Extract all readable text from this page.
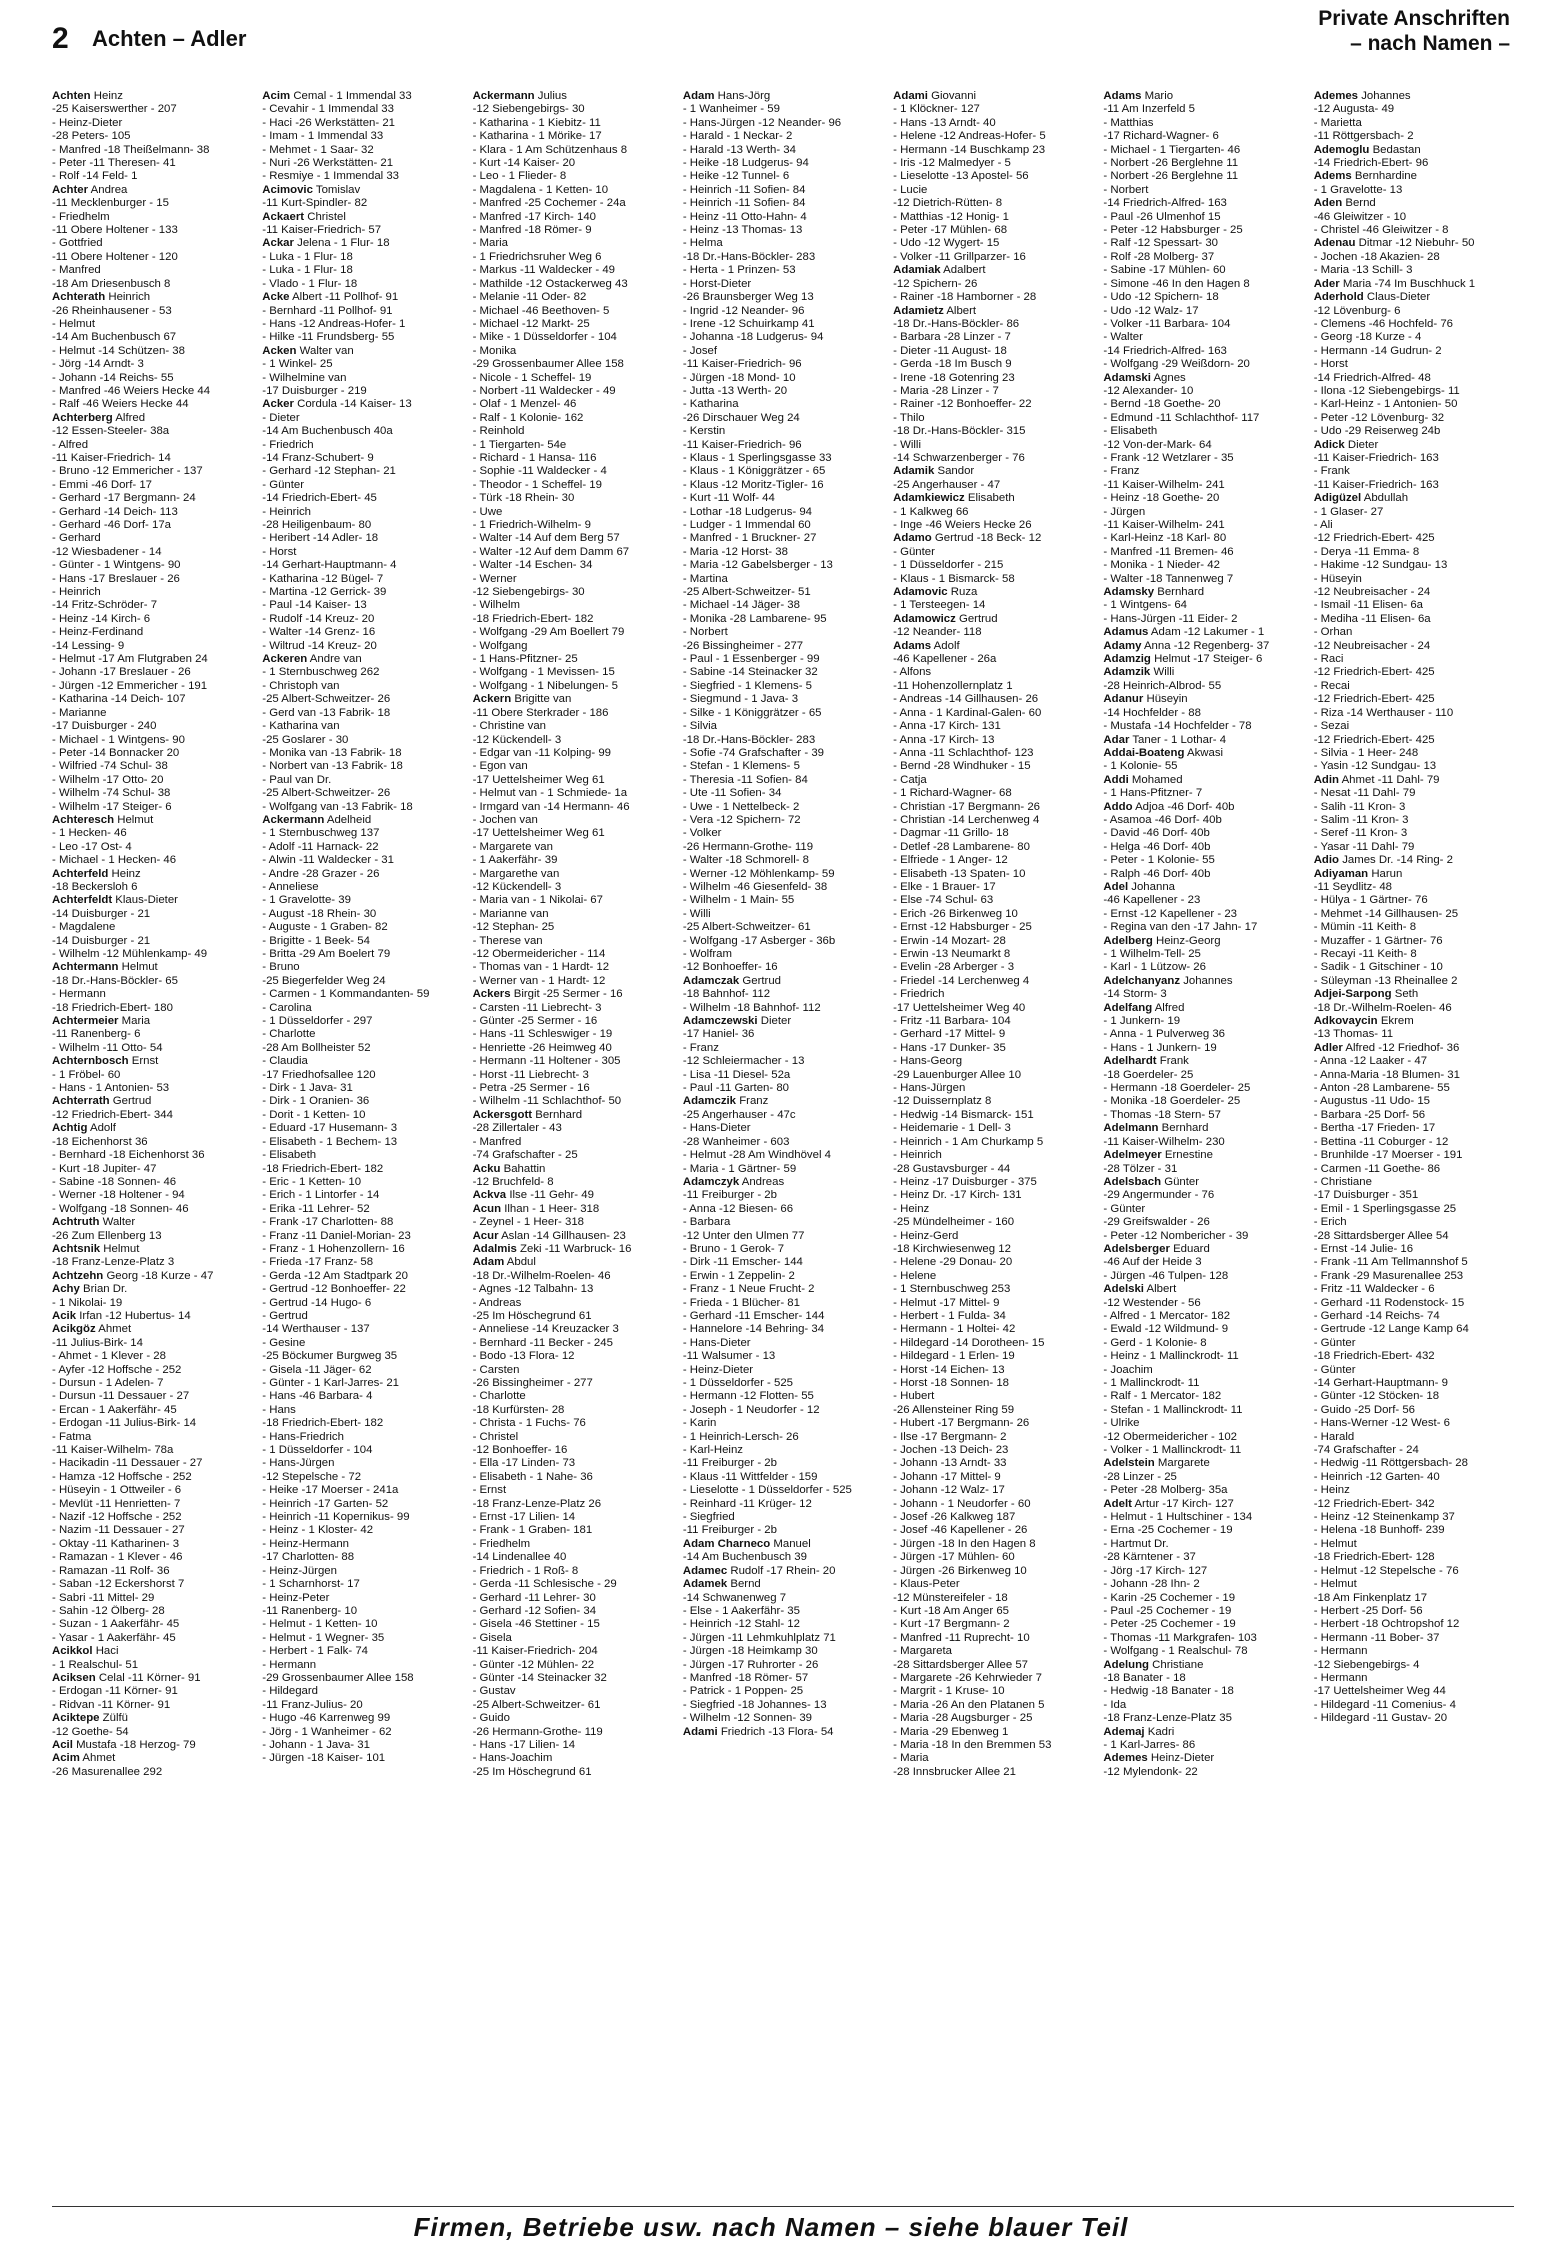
2 Achten – Adler
Private Anschriften
– nach Namen –
Achten Heinz
-25 Kaiserswerther - 207
- Heinz-Dieter
-28 Peters- 105
- Manfred -18 Theißelmann- 38
- Peter -11 Theresen- 41
- Rolf -14 Feld- 1
Achter Andrea
-11 Mecklenburger - 15
- Friedhelm
-11 Obere Holtener - 133
- Gottfried
-11 Obere Holtener - 120
- Manfred
-18 Am Driesenbusch 8
Achterath Heinrich
-26 Rheinhausener - 53
- Helmut
-14 Am Buchenbusch 67
- Helmut -14 Schützen- 38
- Jörg -14 Arndt- 3
- Johann -14 Reichs- 55
- Manfred -46 Weiers Hecke 44
- Ralf -46 Weiers Hecke 44
Achterberg Alfred
-12 Essen-Steeler- 38a
- Alfred
-11 Kaiser-Friedrich- 14
- Bruno -12 Emmericher - 137
- Emmi -46 Dorf- 17
- Gerhard -17 Bergmann- 24
- Gerhard -14 Deich- 113
- Gerhard -46 Dorf- 17a
- Gerhard
-12 Wiesbadener - 14
- Günter - 1 Wintgens- 90
- Hans -17 Breslauer - 26
- Heinrich
-14 Fritz-Schröder- 7
- Heinz -14 Kirch- 6
- Heinz-Ferdinand
-14 Lessing- 9
- Helmut -17 Am Flutgraben 24
- Johann -17 Breslauer - 26
- Jürgen -12 Emmericher - 191
- Katharina -14 Deich- 107
- Marianne
-17 Duisburger - 240
- Michael - 1 Wintgens- 90
- Peter -14 Bonnacker 20
- Wilfried -74 Schul- 38
- Wilhelm -17 Otto- 20
- Wilhelm -74 Schul- 38
- Wilhelm -17 Steiger- 6
Achteresch Helmut
- 1 Hecken- 46
- Leo -17 Ost- 4
- Michael - 1 Hecken- 46
Achterfeld Heinz
-18 Beckersloh 6
Achterfeldt Klaus-Dieter
-14 Duisburger - 21
- Magdalene
-14 Duisburger - 21
- Wilhelm -12 Mühlenkamp- 49
Achtermann Helmut
-18 Dr.-Hans-Böckler- 65
- Hermann
-18 Friedrich-Ebert- 180
Achtermeier Maria
-11 Ranenberg- 6
- Wilhelm -11 Otto- 54
Achternbosch Ernst
- 1 Fröbel- 60
- Hans - 1 Antonien- 53
Achterrath Gertrud
-12 Friedrich-Ebert- 344
Achtig Adolf
-18 Eichenhorst 36
- Bernhard -18 Eichenhorst 36
- Kurt -18 Jupiter- 47
- Sabine -18 Sonnen- 46
- Werner -18 Holtener - 94
- Wolfgang -18 Sonnen- 46
Achtruth Walter
-26 Zum Ellenberg 13
Achtsnik Helmut
-18 Franz-Lenze-Platz 3
Achtzehn Georg -18 Kurze - 47
Achy Brian Dr.
- 1 Nikolai- 19
Acik Irfan -12 Hubertus- 14
Acikgöz Ahmet
-11 Julius-Birk- 14
- Ahmet - 1 Klever - 28
- Ayfer -12 Hoffsche - 252
- Dursun - 1 Adelen- 7
- Dursun -11 Dessauer - 27
- Ercan - 1 Aakerfähr- 45
- Erdogan -11 Julius-Birk- 14
- Fatma
-11 Kaiser-Wilhelm- 78a
- Hacikadin -11 Dessauer - 27
- Hamza -12 Hoffsche - 252
- Hüseyin - 1 Ottweiler - 6
- Mevlüt -11 Henrietten- 7
- Nazif -12 Hoffsche - 252
- Nazim -11 Dessauer - 27
- Oktay -11 Katharinen- 3
- Ramazan - 1 Klever - 46
- Ramazan -11 Rolf- 36
- Saban -12 Eckershorst 7
- Sabri -11 Mittel- 29
- Sahin -12 Ölberg- 28
- Suzan - 1 Aakerfähr- 45
- Yasar - 1 Aakerfähr- 45
Acikkol Haci
- 1 Realschul- 51
Aciksen Celal -11 Körner- 91
- Erdogan -11 Körner- 91
- Ridvan -11 Körner- 91
Aciktepe Zülfü
-12 Goethe- 54
Acil Mustafa -18 Herzog- 79
Acim Ahmet
-26 Masurenallee 292
Acim Cemal - 1 Immendal 33
- Cevahir - 1 Immendal 33
- Haci -26 Werkstätten- 21
- Imam - 1 Immendal 33
- Mehmet - 1 Saar- 32
- Nuri -26 Werkstätten- 21
- Resmiye - 1 Immendal 33
Acimovic Tomislav
-11 Kurt-Spindler- 82
Ackaert Christel
-11 Kaiser-Friedrich- 57
Ackar Jelena - 1 Flur- 18
- Luka - 1 Flur- 18
- Luka - 1 Flur- 18
- Vlado - 1 Flur- 18
Acke Albert -11 Pollhof- 91
- Bernhard -11 Pollhof- 91
- Hans -12 Andreas-Hofer- 1
- Hilke -11 Frundsberg- 55
Acken Walter van
- 1 Winkel- 25
- Wilhelmine van
-17 Duisburger - 219
Acker Cordula -14 Kaiser- 13
- Dieter
-14 Am Buchenbusch 40a
- Friedrich
-14 Franz-Schubert- 9
- Gerhard -12 Stephan- 21
- Günter
-14 Friedrich-Ebert- 45
- Heinrich
-28 Heiligenbaum- 80
- Heribert -14 Adler- 18
- Horst
-14 Gerhart-Hauptmann- 4
- Katharina -12 Bügel- 7
- Martina -12 Gerrick- 39
- Paul -14 Kaiser- 13
- Rudolf -14 Kreuz- 20
- Walter -14 Grenz- 16
- Wiltrud -14 Kreuz- 20
Ackeren Andre van
- 1 Sternbuschweg 262
- Christoph van
-25 Albert-Schweitzer- 26
- Gerd van -13 Fabrik- 18
- Katharina van
-25 Goslarer - 30
- Monika van -13 Fabrik- 18
- Norbert van -13 Fabrik- 18
- Paul van Dr.
-25 Albert-Schweitzer- 26
- Wolfgang van -13 Fabrik- 18
Ackermann Adelheid
- 1 Sternbuschweg 137
- Adolf -11 Harnack- 22
- Alwin -11 Waldecker - 31
- Andre -28 Grazer - 26
- Anneliese
- 1 Gravelotte- 39
- August -18 Rhein- 30
- Auguste - 1 Graben- 82
- Brigitte - 1 Beek- 54
- Britta -29 Am Boelert 79
- Bruno
-25 Biegerfelder Weg 24
- Carmen - 1 Kommandanten- 59
- Carolina
- 1 Düsseldorfer - 297
- Charlotte
-28 Am Bollheister 52
- Claudia
-17 Friedhofsallee 120
- Dirk - 1 Java- 31
- Dirk - 1 Oranien- 36
- Dorit - 1 Ketten- 10
- Eduard -17 Husemann- 3
- Elisabeth - 1 Bechem- 13
- Elisabeth
-18 Friedrich-Ebert- 182
- Eric - 1 Ketten- 10
- Erich - 1 Lintorfer - 14
- Erika -11 Lehrer- 52
- Frank -17 Charlotten- 88
- Franz -11 Daniel-Morian- 23
- Franz - 1 Hohenzollern- 16
- Frieda -17 Franz- 58
- Gerda -12 Am Stadtpark 20
- Gertrud -12 Bonhoeffer- 22
- Gertrud -14 Hugo- 6
- Gertrud
-14 Werthauser - 137
- Gesine
-25 Böckumer Burgweg 35
- Gisela -11 Jäger- 62
- Günter - 1 Karl-Jarres- 21
- Hans -46 Barbara- 4
- Hans
-18 Friedrich-Ebert- 182
- Hans-Friedrich
- 1 Düsseldorfer - 104
- Hans-Jürgen
-12 Stepelsche - 72
- Heike -17 Moerser - 241a
- Heinrich -17 Garten- 52
- Heinrich -11 Kopernikus- 99
- Heinz - 1 Kloster- 42
- Heinz-Hermann
-17 Charlotten- 88
- Heinz-Jürgen
- 1 Scharnhorst- 17
- Heinz-Peter
-11 Ranenberg- 10
- Helmut - 1 Ketten- 10
- Helmut - 1 Wegner- 35
- Herbert - 1 Falk- 74
- Hermann
-29 Grossenbaumer Allee 158
- Hildegard
-11 Franz-Julius- 20
- Hugo -46 Karrenweg 99
- Jörg - 1 Wanheimer - 62
- Johann - 1 Java- 31
- Jürgen -18 Kaiser- 101
Ackermann Julius
-12 Siebengebirgs- 30
- Katharina - 1 Kiebitz- 11
- Katharina - 1 Mörike- 17
- Klara - 1 Am Schützenhaus 8
- Kurt -14 Kaiser- 20
- Leo - 1 Flieder- 8
- Magdalena - 1 Ketten- 10
- Manfred -25 Cochemer - 24a
- Manfred -17 Kirch- 140
- Manfred -18 Römer- 9
- Maria
- 1 Friedrichsruher Weg 6
- Markus -11 Waldecker - 49
- Mathilde -12 Ostackerweg 43
- Melanie -11 Oder- 82
- Michael -46 Beethoven- 5
- Michael -12 Markt- 25
- Mike - 1 Düsseldorfer - 104
- Monika
-29 Grossenbaumer Allee 158
- Nicole - 1 Scheffel- 19
- Norbert -11 Waldecker - 49
- Olaf - 1 Menzel- 46
- Ralf - 1 Kolonie- 162
- Reinhold
- 1 Tiergarten- 54e
- Richard - 1 Hansa- 116
- Sophie -11 Waldecker - 4
- Theodor - 1 Scheffel- 19
- Türk -18 Rhein- 30
- Uwe
- 1 Friedrich-Wilhelm- 9
- Walter -14 Auf dem Berg 57
- Walter -12 Auf dem Damm 67
- Walter -14 Eschen- 34
- Werner
-12 Siebengebirgs- 30
- Wilhelm
-18 Friedrich-Ebert- 182
- Wolfgang -29 Am Boellert 79
- Wolfgang
- 1 Hans-Pfitzner- 25
- Wolfgang - 1 Mevissen- 15
- Wolfgang - 1 Nibelungen- 5
Ackern Brigitte van
-11 Obere Sterkrader - 186
- Christine van
-12 Kückendell- 3
- Edgar van -11 Kolping- 99
- Egon van
-17 Uettelsheimer Weg 61
- Helmut van - 1 Schmiede- 1a
- Irmgard van -14 Hermann- 46
- Jochen van
-17 Uettelsheimer Weg 61
- Margarete van
- 1 Aakerfähr- 39
- Margarethe van
-12 Kückendell- 3
- Maria van - 1 Nikolai- 67
- Marianne van
-12 Stephan- 25
- Therese van
-12 Obermeidericher - 114
- Thomas van - 1 Hardt- 12
- Werner van - 1 Hardt- 12
Ackers Birgit -25 Sermer - 16
- Carsten -11 Liebrecht- 3
- Günter -25 Sermer - 16
- Hans -11 Schleswiger - 19
- Henriette -26 Heimweg 40
- Hermann -11 Holtener - 305
- Horst -11 Liebrecht- 3
- Petra -25 Sermer - 16
- Wilhelm -11 Schlachthof- 50
Ackersgott Bernhard
-28 Zillertaler - 43
- Manfred
-74 Grafschafter - 25
Acku Bahattin
-12 Bruchfeld- 8
Ackva Ilse -11 Gehr- 49
Acun Ilhan - 1 Heer- 318
- Zeynel - 1 Heer- 318
Acur Aslan -14 Gillhausen- 23
Adalmis Zeki -11 Warbruck- 16
Adam Abdul
-18 Dr.-Wilhelm-Roelen- 46
- Agnes -12 Talbahn- 13
- Andreas
-25 Im Höschegrund 61
- Anneliese -14 Kreuzacker 3
- Bernhard -11 Becker - 245
- Bodo -13 Flora- 12
- Carsten
-26 Bissingheimer - 277
- Charlotte
-18 Kurfürsten- 28
- Christa - 1 Fuchs- 76
- Christel
-12 Bonhoeffer- 16
- Ella -17 Linden- 73
- Elisabeth - 1 Nahe- 36
- Ernst
-18 Franz-Lenze-Platz 26
- Ernst -17 Lilien- 14
- Frank - 1 Graben- 181
- Friedhelm
-14 Lindenallee 40
- Friedrich - 1 Roß- 8
- Gerda -11 Schlesische - 29
- Gerhard -11 Lehrer- 30
- Gerhard -12 Sofien- 34
- Gisela -46 Stettiner - 15
- Gisela
-11 Kaiser-Friedrich- 204
- Günter -12 Mühlen- 22
- Günter -14 Steinacker 32
- Gustav
-25 Albert-Schweitzer- 61
- Guido
-26 Hermann-Grothe- 119
- Hans -17 Lilien- 14
- Hans-Joachim
-25 Im Höschegrund 61
Adam Hans-Jörg
- 1 Wanheimer - 59
- Hans-Jürgen -12 Neander- 96
- Harald - 1 Neckar- 2
- Harald -13 Werth- 34
- Heike -18 Ludgerus- 94
- Heike -12 Tunnel- 6
- Heinrich -11 Sofien- 84
- Heinrich -11 Sofien- 84
- Heinz -11 Otto-Hahn- 4
- Heinz -13 Thomas- 13
- Helma
-18 Dr.-Hans-Böckler- 283
- Herta - 1 Prinzen- 53
- Horst-Dieter
-26 Braunsberger Weg 13
- Ingrid -12 Neander- 96
- Irene -12 Schuirkamp 41
- Johanna -18 Ludgerus- 94
- Josef
-11 Kaiser-Friedrich- 96
- Jürgen -18 Mond- 10
- Jutta -13 Werth- 20
- Katharina
-26 Dirschauer Weg 24
- Kerstin
-11 Kaiser-Friedrich- 96
- Klaus - 1 Sperlingsgasse 33
- Klaus - 1 Königgrätzer - 65
- Klaus -12 Moritz-Tigler- 16
- Kurt -11 Wolf- 44
- Lothar -18 Ludgerus- 94
- Ludger - 1 Immendal 60
- Manfred - 1 Bruckner- 27
- Maria -12 Horst- 38
- Maria -12 Gabelsberger - 13
- Martina
-25 Albert-Schweitzer- 51
- Michael -14 Jäger- 38
- Monika -28 Lambarene- 95
- Norbert
-26 Bissingheimer - 277
- Paul - 1 Essenberger - 99
- Sabine -14 Steinacker 32
- Siegfried - 1 Klemens- 5
- Siegmund - 1 Java- 3
- Silke - 1 Königgrätzer - 65
- Silvia
-18 Dr.-Hans-Böckler- 283
- Sofie -74 Grafschafter - 39
- Stefan - 1 Klemens- 5
- Theresia -11 Sofien- 84
- Ute -11 Sofien- 34
- Uwe - 1 Nettelbeck- 2
- Vera -12 Spichern- 72
- Volker
-26 Hermann-Grothe- 119
- Walter -18 Schmorell- 8
- Werner -12 Möhlenkamp- 59
- Wilhelm -46 Giesenfeld- 38
- Wilhelm - 1 Main- 55
- Willi
-25 Albert-Schweitzer- 61
- Wolfgang -17 Asberger - 36b
- Wolfram
-12 Bonhoeffer- 16
Adamczak Gertrud
-18 Bahnhof- 112
- Wilhelm -18 Bahnhof- 112
Adamczewski Dieter
-17 Haniel- 36
- Franz
-12 Schleiermacher - 13
- Lisa -11 Diesel- 52a
- Paul -11 Garten- 80
Adamczik Franz
-25 Angerhauser - 47c
- Hans-Dieter
-28 Wanheimer - 603
- Helmut -28 Am Windhövel 4
- Maria - 1 Gärtner- 59
Adamczyk Andreas
-11 Freiburger - 2b
- Anna -12 Biesen- 66
- Barbara
-12 Unter den Ulmen 77
- Bruno - 1 Gerok- 7
- Dirk -11 Emscher- 144
- Erwin - 1 Zeppelin- 2
- Franz - 1 Neue Frucht- 2
- Frieda - 1 Blücher- 81
- Gerhard -11 Emscher- 144
- Hannelore -14 Behring- 34
- Hans-Dieter
-11 Walsumer - 13
- Heinz-Dieter
- 1 Düsseldorfer - 525
- Hermann -12 Flotten- 55
- Joseph - 1 Neudorfer - 12
- Karin
- 1 Heinrich-Lersch- 26
- Karl-Heinz
-11 Freiburger - 2b
- Klaus -11 Wittfelder - 159
- Lieselotte - 1 Düsseldorfer - 525
- Reinhard -11 Krüger- 12
- Siegfried
-11 Freiburger - 2b
Adam Charneco Manuel
-14 Am Buchenbusch 39
Adamec Rudolf -17 Rhein- 20
Adamek Bernd
-14 Schwanenweg 7
- Else - 1 Aakerfähr- 35
- Heinrich -12 Stahl- 12
- Jürgen -11 Lehmkuhlplatz 71
- Jürgen -18 Heimkamp 30
- Jürgen -17 Ruhrorter - 26
- Manfred -18 Römer- 57
- Patrick - 1 Poppen- 25
- Siegfried -18 Johannes- 13
- Wilhelm -12 Sonnen- 39
Adami Friedrich -13 Flora- 54
Adami Giovanni
- 1 Klöckner- 127
- Hans -13 Arndt- 40
- Helene -12 Andreas-Hofer- 5
- Hermann -14 Buschkamp 23
- Iris -12 Malmedyer - 5
- Lieselotte -13 Apostel- 56
- Lucie
-12 Dietrich-Rütten- 8
- Matthias -12 Honig- 1
- Peter -17 Mühlen- 68
- Udo -12 Wygert- 15
- Volker -11 Grillparzer- 16
Adamiak Adalbert
-12 Spichern- 26
- Rainer -18 Hamborner - 28
Adamietz Albert
-18 Dr.-Hans-Böckler- 86
- Barbara -28 Linzer - 7
- Dieter -11 August- 18
- Gerda -18 Im Busch 9
- Irene -18 Gotenring 23
- Maria -28 Linzer - 7
- Rainer -12 Bonhoeffer- 22
- Thilo
-18 Dr.-Hans-Böckler- 315
- Willi
-14 Schwarzenberger - 76
Adamik Sandor
-25 Angerhauser - 47
Adamkiewicz Elisabeth
- 1 Kalkweg 66
- Inge -46 Weiers Hecke 26
Adamo Gertrud -18 Beck- 12
- Günter
- 1 Düsseldorfer - 215
- Klaus - 1 Bismarck- 58
Adamovic Ruza
- 1 Tersteegen- 14
Adamowicz Gertrud
-12 Neander- 118
Adams Adolf
-46 Kapellener - 26a
- Alfons
-11 Hohenzollernplatz 1
- Andreas -14 Gillhausen- 26
- Anna - 1 Kardinal-Galen- 60
- Anna -17 Kirch- 131
- Anna -17 Kirch- 13
- Anna -11 Schlachthof- 123
- Bernd -28 Windhuker - 15
- Catja
- 1 Richard-Wagner- 68
- Christian -17 Bergmann- 26
- Christian -14 Lerchenweg 4
- Dagmar -11 Grillo- 18
- Detlef -28 Lambarene- 80
- Elfriede - 1 Anger- 12
- Elisabeth -13 Spaten- 10
- Elke - 1 Brauer- 17
- Else -74 Schul- 63
- Erich -26 Birkenweg 10
- Ernst -12 Habsburger - 25
- Erwin -14 Mozart- 28
- Erwin -13 Neumarkt 8
- Evelin -28 Arberger - 3
- Friedel -14 Lerchenweg 4
- Friedrich
-17 Uettelsheimer Weg 40
- Fritz -11 Barbara- 104
- Gerhard -17 Mittel- 9
- Hans -17 Dunker- 35
- Hans-Georg
-29 Lauenburger Allee 10
- Hans-Jürgen
-12 Duissernplatz 8
- Hedwig -14 Bismarck- 151
- Heidemarie - 1 Dell- 3
- Heinrich - 1 Am Churkamp 5
- Heinrich
-28 Gustavsburger - 44
- Heinz -17 Duisburger - 375
- Heinz Dr. -17 Kirch- 131
- Heinz
-25 Mündelheimer - 160
- Heinz-Gerd
-18 Kirchwiesenweg 12
- Helene -29 Donau- 20
- Helene
- 1 Sternbuschweg 253
- Helmut -17 Mittel- 9
- Herbert - 1 Fulda- 34
- Hermann - 1 Holtei- 42
- Hildegard -14 Dorotheen- 15
- Hildegard - 1 Erlen- 19
- Horst -14 Eichen- 13
- Horst -18 Sonnen- 18
- Hubert
-26 Allensteiner Ring 59
- Hubert -17 Bergmann- 26
- Ilse -17 Bergmann- 2
- Jochen -13 Deich- 23
- Johann -13 Arndt- 33
- Johann -17 Mittel- 9
- Johann -12 Walz- 17
- Johann - 1 Neudorfer - 60
- Josef -26 Kalkweg 187
- Josef -46 Kapellener - 26
- Jürgen -18 In den Hagen 8
- Jürgen -17 Mühlen- 60
- Jürgen -26 Birkenweg 10
- Klaus-Peter
-12 Münstereifeler - 18
- Kurt -18 Am Anger 65
- Kurt -17 Bergmann- 2
- Manfred -11 Ruprecht- 10
- Margareta
-28 Sittardsberger Allee 57
- Margarete -26 Kehrwieder 7
- Margrit - 1 Kruse- 10
- Maria -26 An den Platanen 5
- Maria -28 Augsburger - 25
- Maria -29 Ebenweg 1
- Maria -18 In den Bremmen 53
- Maria
-28 Innsbrucker Allee 21
Adams Mario
-11 Am Inzerfeld 5
- Matthias
-17 Richard-Wagner- 6
- Michael - 1 Tiergarten- 46
- Norbert -26 Berglehne 11
- Norbert -26 Berglehne 11
- Norbert
-14 Friedrich-Alfred- 163
- Paul -26 Ulmenhof 15
- Peter -12 Habsburger - 25
- Ralf -12 Spessart- 30
- Rolf -28 Molberg- 37
- Sabine -17 Mühlen- 60
- Simone -46 In den Hagen 8
- Udo -12 Spichern- 18
- Udo -12 Walz- 17
- Volker -11 Barbara- 104
- Walter
-14 Friedrich-Alfred- 163
- Wolfgang -29 Weißdorn- 20
Adamski Agnes
-12 Alexander- 10
- Bernd -18 Goethe- 20
- Edmund -11 Schlachthof- 117
- Elisabeth
-12 Von-der-Mark- 64
- Frank -12 Wetzlarer - 35
- Franz
-11 Kaiser-Wilhelm- 241
- Heinz -18 Goethe- 20
- Jürgen
-11 Kaiser-Wilhelm- 241
- Karl-Heinz -18 Karl- 80
- Manfred -11 Bremen- 46
- Monika - 1 Nieder- 42
- Walter -18 Tannenweg 7
Adamsky Bernhard
- 1 Wintgens- 64
- Hans-Jürgen -11 Eider- 2
Adamus Adam -12 Lakumer - 1
Adamy Anna -12 Regenberg- 37
Adamzig Helmut -17 Steiger- 6
Adamzik Willi
-28 Heinrich-Albrod- 55
Adanur Hüseyin
-14 Hochfelder - 88
- Mustafa -14 Hochfelder - 78
Adar Taner - 1 Lothar- 4
Addai-Boateng Akwasi
- 1 Kolonie- 55
Addi Mohamed
- 1 Hans-Pfitzner- 7
Addo Adjoa -46 Dorf- 40b
- Asamoa -46 Dorf- 40b
- David -46 Dorf- 40b
- Helga -46 Dorf- 40b
- Peter - 1 Kolonie- 55
- Ralph -46 Dorf- 40b
Adel Johanna
-46 Kapellener - 23
- Ernst -12 Kapellener - 23
- Regina van den -17 Jahn- 17
Adelberg Heinz-Georg
- 1 Wilhelm-Tell- 25
- Karl - 1 Lützow- 26
Adelchanyanz Johannes
-14 Storm- 3
Adelfang Alfred
- 1 Junkern- 19
- Anna - 1 Pulverweg 36
- Hans - 1 Junkern- 19
Adelhardt Frank
-18 Goerdeler- 25
- Hermann -18 Goerdeler- 25
- Monika -18 Goerdeler- 25
- Thomas -18 Stern- 57
Adelmann Bernhard
-11 Kaiser-Wilhelm- 230
Adelmeyer Ernestine
-28 Tölzer - 31
Adelsbach Günter
-29 Angermunder - 76
- Günter
-29 Greifswalder - 26
- Peter -12 Nombericher - 39
Adelsberger Eduard
-46 Auf der Heide 3
- Jürgen -46 Tulpen- 128
Adelski Albert
-12 Westender - 56
- Alfred - 1 Mercator- 182
- Ewald -12 Wildmund- 9
- Gerd - 1 Kolonie- 8
- Heinz - 1 Mallinckrodt- 11
- Joachim
- 1 Mallinckrodt- 11
- Ralf - 1 Mercator- 182
- Stefan - 1 Mallinckrodt- 11
- Ulrike
-12 Obermeidericher - 102
- Volker - 1 Mallinckrodt- 11
Adelstein Margarete
-28 Linzer - 25
- Peter -28 Molberg- 35a
Adelt Artur -17 Kirch- 127
- Helmut - 1 Hultschiner - 134
- Erna -25 Cochemer - 19
- Hartmut Dr.
-28 Kärntener - 37
- Jörg -17 Kirch- 127
- Johann -28 Ihn- 2
- Karin -25 Cochemer - 19
- Paul -25 Cochemer - 19
- Peter -25 Cochemer - 19
- Thomas -11 Markgrafen- 103
- Wolfgang - 1 Realschul- 78
Adelung Christiane
-18 Banater - 18
- Hedwig -18 Banater - 18
- Ida
-18 Franz-Lenze-Platz 35
Ademaj Kadri
- 1 Karl-Jarres- 86
Ademes Heinz-Dieter
-12 Mylendonk- 22
Ademes Johannes
-12 Augusta- 49
- Marietta
-11 Röttgersbach- 2
Ademoglu Bedastan
-14 Friedrich-Ebert- 96
Adems Bernhardine
- 1 Gravelotte- 13
Aden Bernd
-46 Gleiwitzer - 10
- Christel -46 Gleiwitzer - 8
Adenau Ditmar -12 Niebuhr- 50
- Jochen -18 Akazien- 28
- Maria -13 Schill- 3
Ader Maria -74 Im Buschhuck 1
Aderhold Claus-Dieter
-12 Lövenburg- 6
- Clemens -46 Hochfeld- 76
- Georg -18 Kurze - 4
- Hermann -14 Gudrun- 2
- Horst
-14 Friedrich-Alfred- 48
- Ilona -12 Siebengebirgs- 11
- Karl-Heinz - 1 Antonien- 50
- Peter -12 Lövenburg- 32
- Udo -29 Reiserweg 24b
Adick Dieter
-11 Kaiser-Friedrich- 163
- Frank
-11 Kaiser-Friedrich- 163
Adigüzel Abdullah
- 1 Glaser- 27
- Ali
-12 Friedrich-Ebert- 425
- Derya -11 Emma- 8
- Hakime -12 Sundgau- 13
- Hüseyin
-12 Neubreisacher - 24
- Ismail -11 Elisen- 6a
- Mediha -11 Elisen- 6a
- Orhan
-12 Neubreisacher - 24
- Raci
-12 Friedrich-Ebert- 425
- Recai
-12 Friedrich-Ebert- 425
- Riza -14 Werthauser - 110
- Sezai
-12 Friedrich-Ebert- 425
- Silvia - 1 Heer- 248
- Yasin -12 Sundgau- 13
Adin Ahmet -11 Dahl- 79
- Nesat -11 Dahl- 79
- Salih -11 Kron- 3
- Salim -11 Kron- 3
- Seref -11 Kron- 3
- Yasar -11 Dahl- 79
Adio James Dr. -14 Ring- 2
Adiyaman Harun
-11 Seydlitz- 48
- Hülya - 1 Gärtner- 76
- Mehmet -14 Gillhausen- 25
- Mümin -11 Keith- 8
- Muzaffer - 1 Gärtner- 76
- Recayi -11 Keith- 8
- Sadik - 1 Gitschiner - 10
- Süleyman -13 Rheinallee 2
Adjei-Sarpong Seth
-18 Dr.-Wilhelm-Roelen- 46
Adkovaycin Ekrem
-13 Thomas- 11
Adler Alfred -12 Friedhof- 36
- Anna -12 Laaker - 47
- Anna-Maria -18 Blumen- 31
- Anton -28 Lambarene- 55
- Augustus -11 Udo- 15
- Barbara -25 Dorf- 56
- Bertha -17 Frieden- 17
- Bettina -11 Coburger - 12
- Brunhilde -17 Moerser - 191
- Carmen -11 Goethe- 86
- Christiane
-17 Duisburger - 351
- Emil - 1 Sperlingsgasse 25
- Erich
-28 Sittardsberger Allee 54
- Ernst -14 Julie- 16
- Frank -11 Am Tellmannshof 5
- Frank -29 Masurenallee 253
- Fritz -11 Waldecker - 6
- Gerhard -11 Rodenstock- 15
- Gerhard -14 Reichs- 74
- Gertrude -12 Lange Kamp 64
- Günter
-18 Friedrich-Ebert- 432
- Günter
-14 Gerhart-Hauptmann- 9
- Günter -12 Stöcken- 18
- Guido -25 Dorf- 56
- Hans-Werner -12 West- 6
- Harald
-74 Grafschafter - 24
- Hedwig -11 Röttgersbach- 28
- Heinrich -12 Garten- 40
- Heinz
-12 Friedrich-Ebert- 342
- Heinz -12 Steinenkamp 37
- Helena -18 Bunhoff- 239
- Helmut
-18 Friedrich-Ebert- 128
- Helmut -12 Stepelsche - 76
- Helmut
-18 Am Finkenplatz 17
- Herbert -25 Dorf- 56
- Herbert -18 Ochtropshof 12
- Hermann -11 Bober- 37
- Hermann
-12 Siebengebirgs- 4
- Hermann
-17 Uettelsheimer Weg 44
- Hildegard -11 Comenius- 4
- Hildegard -11 Gustav- 20
Firmen, Betriebe usw. nach Namen – siehe blauer Teil
